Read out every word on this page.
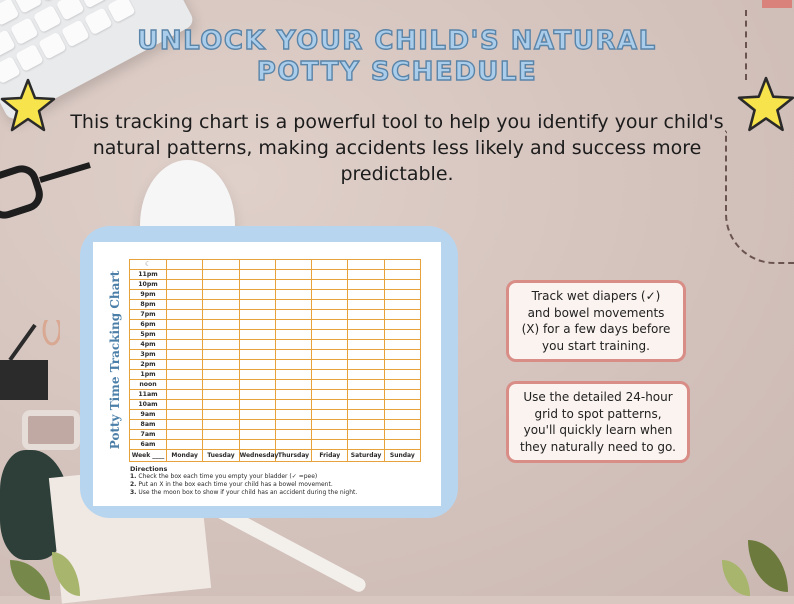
UNLOCK YOUR CHILD'S NATURAL
POTTY SCHEDULE
This tracking chart is a powerful tool to help you identify your child's natural patterns, making accidents less likely and success more predictable.
Potty Time Tracking Chart
☾							
11pm							
10pm							
9pm							
8pm							
7pm							
6pm							
5pm							
4pm							
3pm							
2pm							
1pm							
noon							
11am							
10am							
9am							
8am							
7am							
6am							
Week ____	Monday	Tuesday	Wednesday	Thursday	Friday	Saturday	Sunday
Directions
1. Check the box each time you empty your bladder (✓ =pee)
2. Put an X in the box each time your child has a bowel movement.
3. Use the moon box to show if your child has an accident during the night.
Track wet diapers (✓) and bowel movements (X) for a few days before you start training.
Use the detailed 24-hour grid to spot patterns, you'll quickly learn when they naturally need to go.
